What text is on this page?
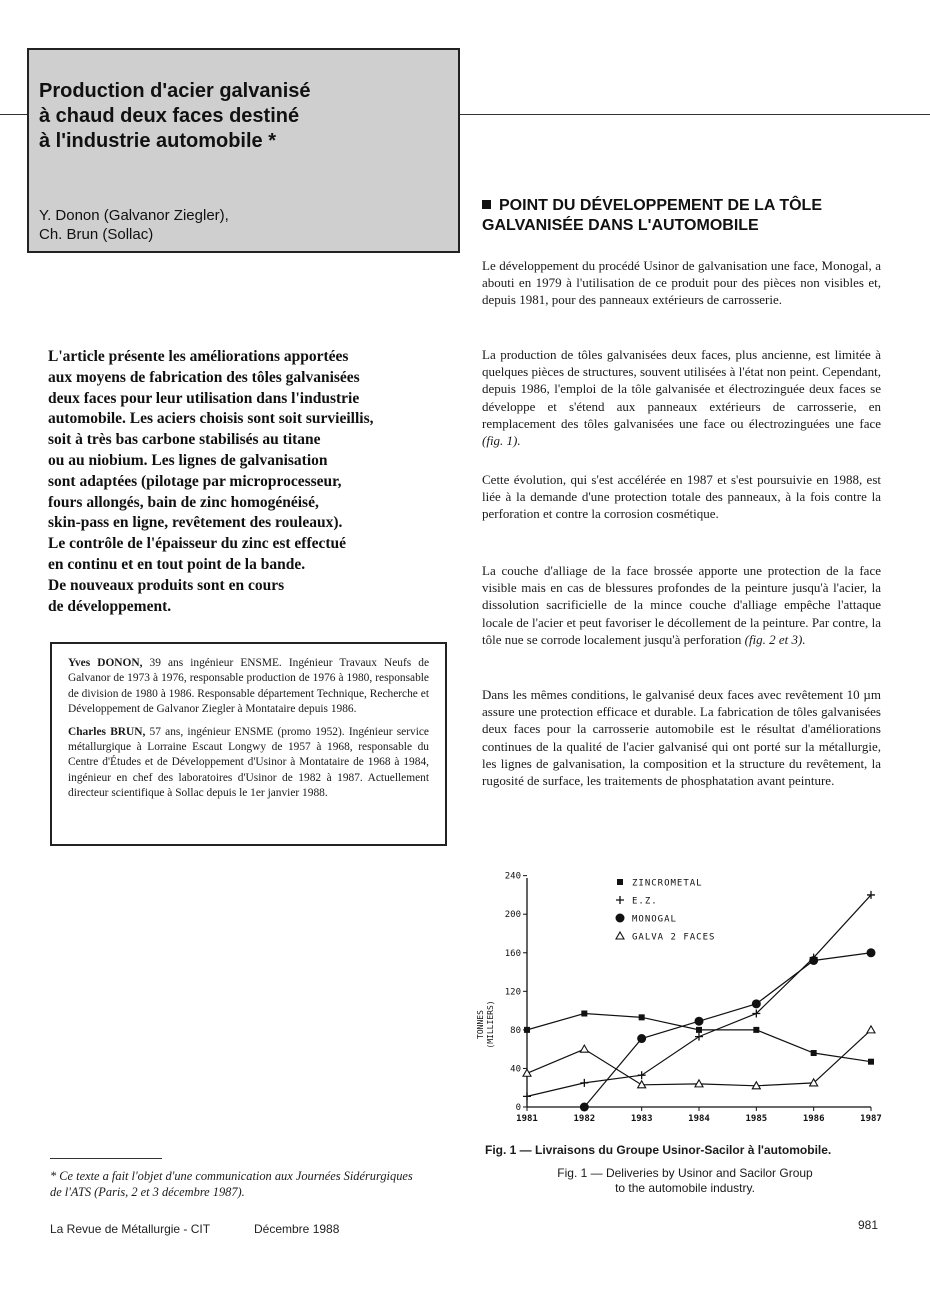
Production d'acier galvanisé
à chaud deux faces destiné
à l'industrie automobile *
Y. Donon (Galvanor Ziegler),
Ch. Brun (Sollac)
POINT DU DÉVELOPPEMENT DE LA TÔLE
GALVANISÉE DANS L'AUTOMOBILE
Le développement du procédé Usinor de galvanisation une face, Monogal, a abouti en 1979 à l'utilisation de ce produit pour des pièces non visibles et, depuis 1981, pour des panneaux extérieurs de carrosserie.
La production de tôles galvanisées deux faces, plus ancienne, est limitée à quelques pièces de structures, souvent utilisées à l'état non peint. Cependant, depuis 1986, l'emploi de la tôle galvanisée et électrozinguée deux faces se développe et s'étend aux panneaux extérieurs de carrosserie, en remplacement des tôles galvanisées une face ou électrozinguées une face (fig. 1).
Cette évolution, qui s'est accélérée en 1987 et s'est poursuivie en 1988, est liée à la demande d'une protection totale des panneaux, à la fois contre la perforation et contre la corrosion cosmétique.
La couche d'alliage de la face brossée apporte une protection de la face visible mais en cas de blessures profondes de la peinture jusqu'à l'acier, la dissolution sacrificielle de la mince couche d'alliage empêche l'attaque locale de l'acier et peut favoriser le décollement de la peinture. Par contre, la tôle nue se corrode localement jusqu'à perforation (fig. 2 et 3).
Dans les mêmes conditions, le galvanisé deux faces avec revêtement 10 µm assure une protection efficace et durable. La fabrication de tôles galvanisées deux faces pour la carrosserie automobile est le résultat d'améliorations continues de la qualité de l'acier galvanisé qui ont porté sur la métallurgie, les lignes de galvanisation, la composition et la structure du revêtement, la rugosité de surface, les traitements de phosphatation avant peinture.
L'article présente les améliorations apportées
aux moyens de fabrication des tôles galvanisées
deux faces pour leur utilisation dans l'industrie
automobile. Les aciers choisis sont soit survieillis,
soit à très bas carbone stabilisés au titane
ou au niobium. Les lignes de galvanisation
sont adaptées (pilotage par microprocesseur,
fours allongés, bain de zinc homogénéisé,
skin-pass en ligne, revêtement des rouleaux).
Le contrôle de l'épaisseur du zinc est effectué
en continu et en tout point de la bande.
De nouveaux produits sont en cours
de développement.
Yves DONON, 39 ans ingénieur ENSME. Ingénieur Travaux Neufs de Galvanor de 1973 à 1976, responsable production de 1976 à 1980, responsable de division de 1980 à 1986. Responsable département Technique, Recherche et Développement de Galvanor Ziegler à Montataire depuis 1986.
Charles BRUN, 57 ans, ingénieur ENSME (promo 1952). Ingénieur service métallurgique à Lorraine Escaut Longwy de 1957 à 1968, responsable du Centre d'Études et de Développement d'Usinor à Montataire de 1968 à 1984, ingénieur en chef des laboratoires d'Usinor de 1982 à 1987. Actuellement directeur scientifique à Sollac depuis le 1er janvier 1988.
0
40
80
120
160
200
240
1981	1982	1983	1984	1985	1986	1987
TONNES (MILLIERS)
ZINCROMETAL
E.Z.
MONOGAL
GALVA 2 FACES
Fig. 1 — Livraisons du Groupe Usinor-Sacilor à l'automobile.
Fig. 1 — Deliveries by Usinor and Sacilor Group
to the automobile industry.
* Ce texte a fait l'objet d'une communication aux Journées Sidérurgiques
de l'ATS (Paris, 2 et 3 décembre 1987).
La Revue de Métallurgie - CIT	Décembre 1988	981
